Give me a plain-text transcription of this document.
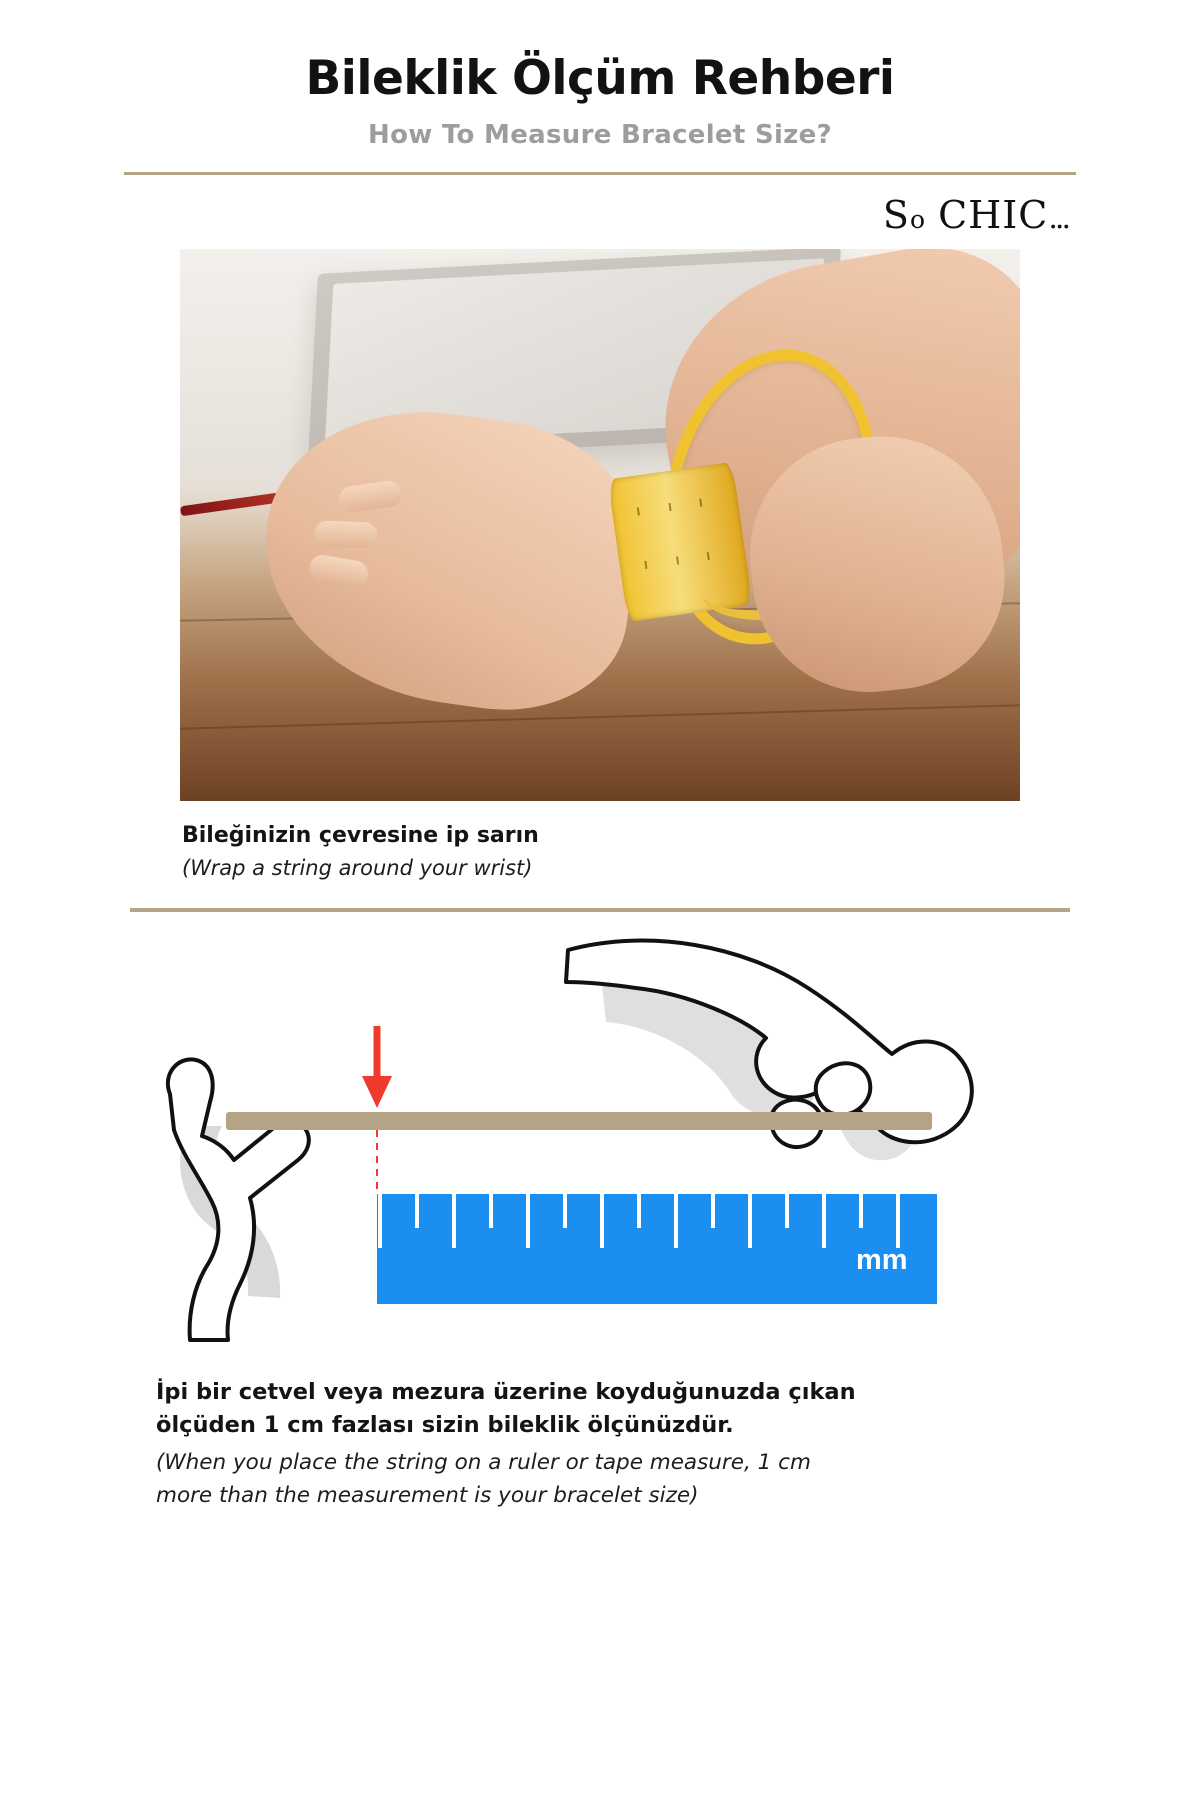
Bileklik Ölçüm Rehberi
How To Measure Bracelet Size?
So CHIC...

Bileğinizin çevresine ip sarın

(Wrap a string around your wrist)

mm
İpi bir cetvel veya mezura üzerine koyduğunuzda çıkan
ölçüden 1 cm fazlası sizin bileklik ölçünüzdür.
(When you place the string on a ruler or tape measure, 1 cm
more than the measurement is your bracelet size)
